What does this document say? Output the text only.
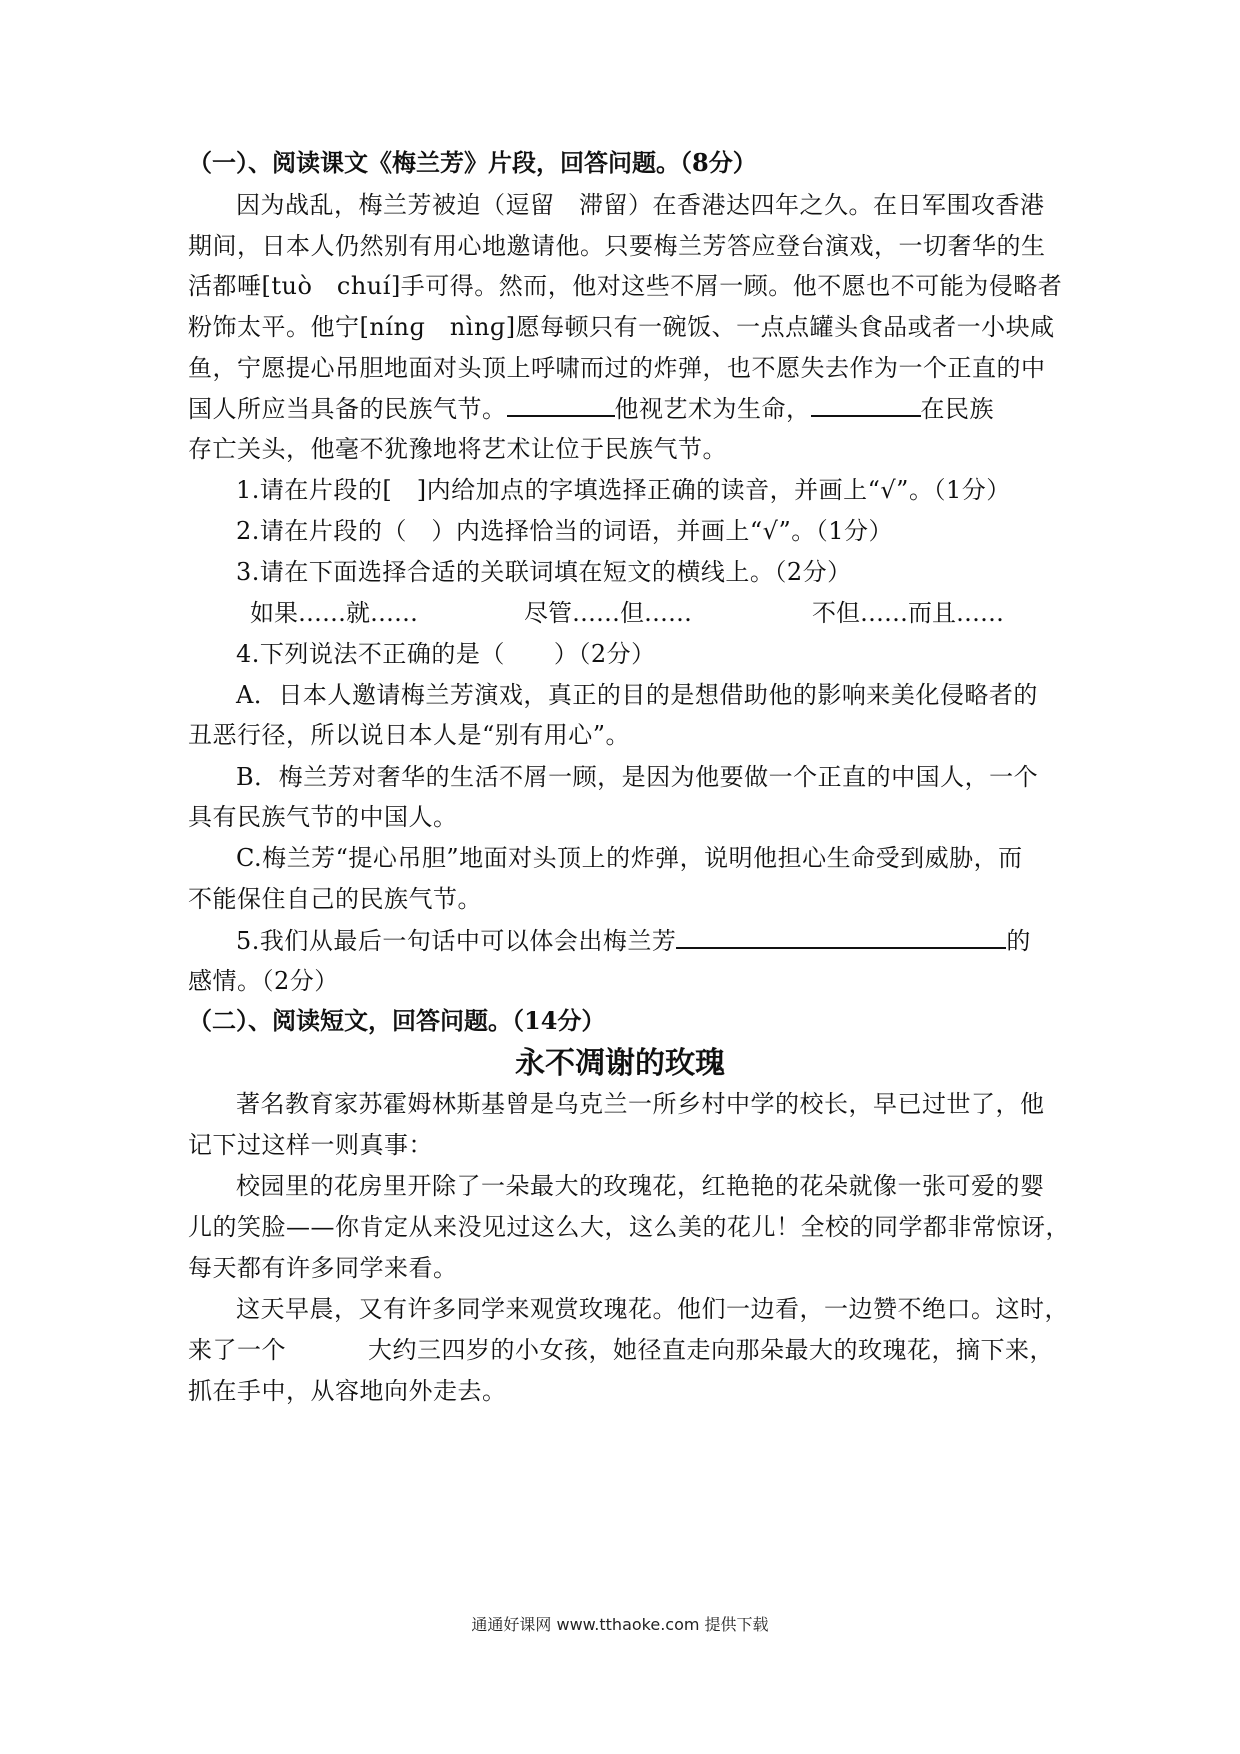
（一）、阅读课文《梅兰芳》片段，回答问题。（8分）
因为战乱，梅兰芳被迫（逗留　滞留）在香港达四年之久。在日军围攻香港
期间，日本人仍然别有用心地邀请他。只要梅兰芳答应登台演戏，一切奢华的生
活都唾[tuò　chuí]手可得。然而，他对这些不屑一顾。他不愿也不可能为侵略者
粉饰太平。他宁[nínɡ　nìnɡ]愿每顿只有一碗饭、一点点罐头食品或者一小块咸
鱼，宁愿提心吊胆地面对头顶上呼啸而过的炸弹，也不愿失去作为一个正直的中
国人所应当具备的民族气节。	他视艺术为生命，	在民族
存亡关头，他毫不犹豫地将艺术让位于民族气节。
1.请在片段的[　]内给加点的字填选择正确的读音，并画上“√”。（1分）
2.请在片段的（　）内选择恰当的词语，并画上“√”。（1分）
3.请在下面选择合适的关联词填在短文的横线上。（2分）
如果……就……	尽管……但……	不但……而且……
4.下列说法不正确的是（　　）（2分）
A．日本人邀请梅兰芳演戏，真正的目的是想借助他的影响来美化侵略者的
丑恶行径，所以说日本人是“别有用心”。
B．梅兰芳对奢华的生活不屑一顾，是因为他要做一个正直的中国人，一个
具有民族气节的中国人。
C.梅兰芳“提心吊胆”地面对头顶上的炸弹，说明他担心生命受到威胁，而
不能保住自己的民族气节。
5.我们从最后一句话中可以体会出梅兰芳	的
感情。（2分）
（二）、阅读短文，回答问题。（14分）
永不凋谢的玫瑰
著名教育家苏霍姆林斯基曾是乌克兰一所乡村中学的校长，早已过世了，他
记下过这样一则真事：
校园里的花房里开除了一朵最大的玫瑰花，红艳艳的花朵就像一张可爱的婴
儿的笑脸——你肯定从来没见过这么大，这么美的花儿！全校的同学都非常惊讶，
每天都有许多同学来看。
这天早晨，又有许多同学来观赏玫瑰花。他们一边看，一边赞不绝口。这时，
来了一个	大约三四岁的小女孩，她径直走向那朵最大的玫瑰花，摘下来，
抓在手中，从容地向外走去。
通通好课网 www.tthaoke.com 提供下载
